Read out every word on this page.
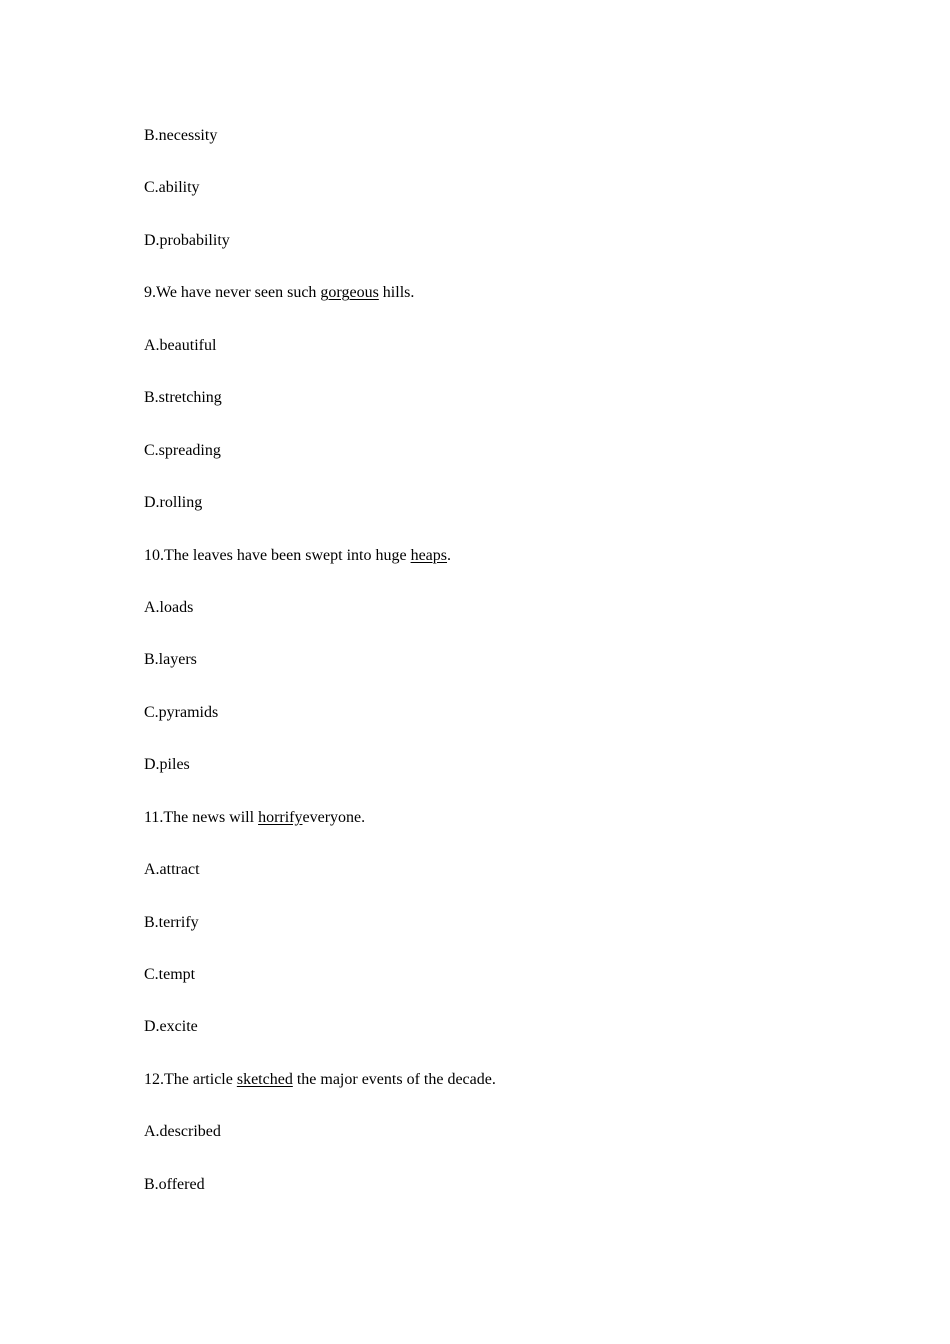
B.necessity
C.ability
D.probability
9.We have never seen such gorgeous hills.
A.beautiful
B.stretching
C.spreading
D.rolling
10.The leaves have been swept into huge heaps.
A.loads
B.layers
C.pyramids
D.piles
11.The news will horrifyeveryone.
A.attract
B.terrify
C.tempt
D.excite
12.The article sketched the major events of the decade.
A.described
B.offered
